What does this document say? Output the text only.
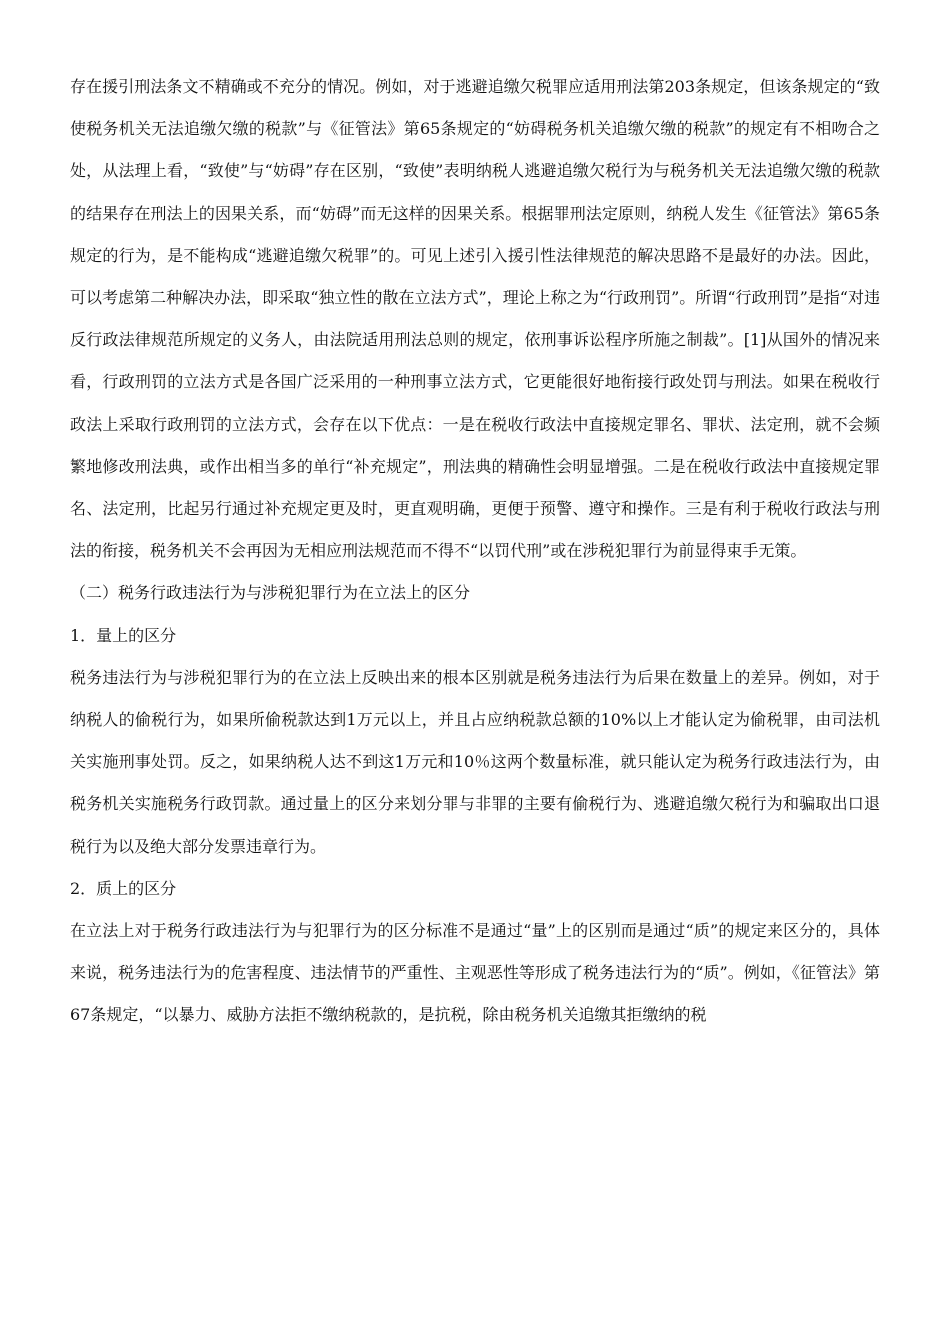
存在援引刑法条文不精确或不充分的情况。例如，对于逃避追缴欠税罪应适用刑法第203条规定，但该条规定的“致使税务机关无法追缴欠缴的税款”与《征管法》第65条规定的“妨碍税务机关追缴欠缴的税款”的规定有不相吻合之处，从法理上看，“致使”与“妨碍”存在区别，“致使”表明纳税人逃避追缴欠税行为与税务机关无法追缴欠缴的税款的结果存在刑法上的因果关系，而“妨碍”而无这样的因果关系。根据罪刑法定原则，纳税人发生《征管法》第65条规定的行为，是不能构成“逃避追缴欠税罪”的。可见上述引入援引性法律规范的解决思路不是最好的办法。因此，可以考虑第二种解决办法，即采取“独立性的散在立法方式”，理论上称之为“行政刑罚”。所谓“行政刑罚”是指“对违反行政法律规范所规定的义务人，由法院适用刑法总则的规定，依刑事诉讼程序所施之制裁”。[1]从国外的情况来看，行政刑罚的立法方式是各国广泛采用的一种刑事立法方式，它更能很好地衔接行政处罚与刑法。如果在税收行政法上采取行政刑罚的立法方式，会存在以下优点：一是在税收行政法中直接规定罪名、罪状、法定刑，就不会频繁地修改刑法典，或作出相当多的单行“补充规定”，刑法典的精确性会明显增强。二是在税收行政法中直接规定罪名、法定刑，比起另行通过补充规定更及时，更直观明确，更便于预警、遵守和操作。三是有利于税收行政法与刑法的衔接，税务机关不会再因为无相应刑法规范而不得不“以罚代刑”或在涉税犯罪行为前显得束手无策。

（二）税务行政违法行为与涉税犯罪行为在立法上的区分

1．量上的区分

税务违法行为与涉税犯罪行为的在立法上反映出来的根本区别就是税务违法行为后果在数量上的差异。例如，对于纳税人的偷税行为，如果所偷税款达到1万元以上，并且占应纳税款总额的10%以上才能认定为偷税罪，由司法机关实施刑事处罚。反之，如果纳税人达不到这1万元和10％这两个数量标准，就只能认定为税务行政违法行为，由税务机关实施税务行政罚款。通过量上的区分来划分罪与非罪的主要有偷税行为、逃避追缴欠税行为和骗取出口退税行为以及绝大部分发票违章行为。

2．质上的区分

在立法上对于税务行政违法行为与犯罪行为的区分标准不是通过“量”上的区别而是通过“质”的规定来区分的，具体来说，税务违法行为的危害程度、违法情节的严重性、主观恶性等形成了税务违法行为的“质”。例如，《征管法》第67条规定，“以暴力、威胁方法拒不缴纳税款的，是抗税，除由税务机关追缴其拒缴纳的税
